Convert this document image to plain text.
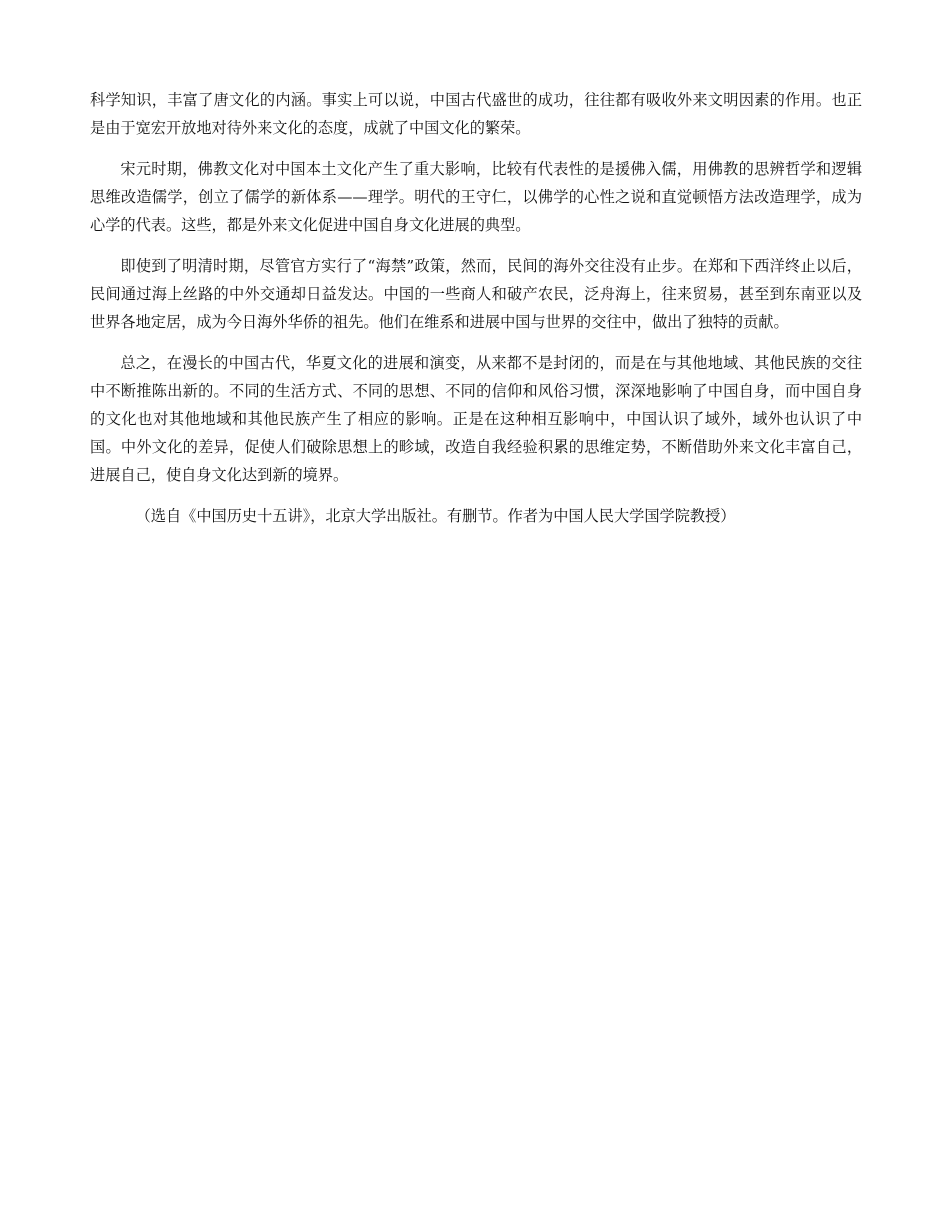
科学知识，丰富了唐文化的内涵。事实上可以说，中国古代盛世的成功，往往都有吸收外来文明因素的作用。也正是由于宽宏开放地对待外来文化的态度，成就了中国文化的繁荣。

宋元时期，佛教文化对中国本土文化产生了重大影响，比较有代表性的是援佛入儒，用佛教的思辨哲学和逻辑思维改造儒学，创立了儒学的新体系——理学。明代的王守仁，以佛学的心性之说和直觉顿悟方法改造理学，成为心学的代表。这些，都是外来文化促进中国自身文化进展的典型。

即使到了明清时期，尽管官方实行了“海禁”政策，然而，民间的海外交往没有止步。在郑和下西洋终止以后，民间通过海上丝路的中外交通却日益发达。中国的一些商人和破产农民，泛舟海上，往来贸易，甚至到东南亚以及世界各地定居，成为今日海外华侨的祖先。他们在维系和进展中国与世界的交往中，做出了独特的贡献。

总之，在漫长的中国古代，华夏文化的进展和演变，从来都不是封闭的，而是在与其他地域、其他民族的交往中不断推陈出新的。不同的生活方式、不同的思想、不同的信仰和风俗习惯，深深地影响了中国自身，而中国自身的文化也对其他地域和其他民族产生了相应的影响。正是在这种相互影响中，中国认识了域外，域外也认识了中国。中外文化的差异，促使人们破除思想上的畛域，改造自我经验积累的思维定势，不断借助外来文化丰富自己，进展自己，使自身文化达到新的境界。

（选自《中国历史十五讲》，北京大学出版社。有删节。作者为中国人民大学国学院教授）
